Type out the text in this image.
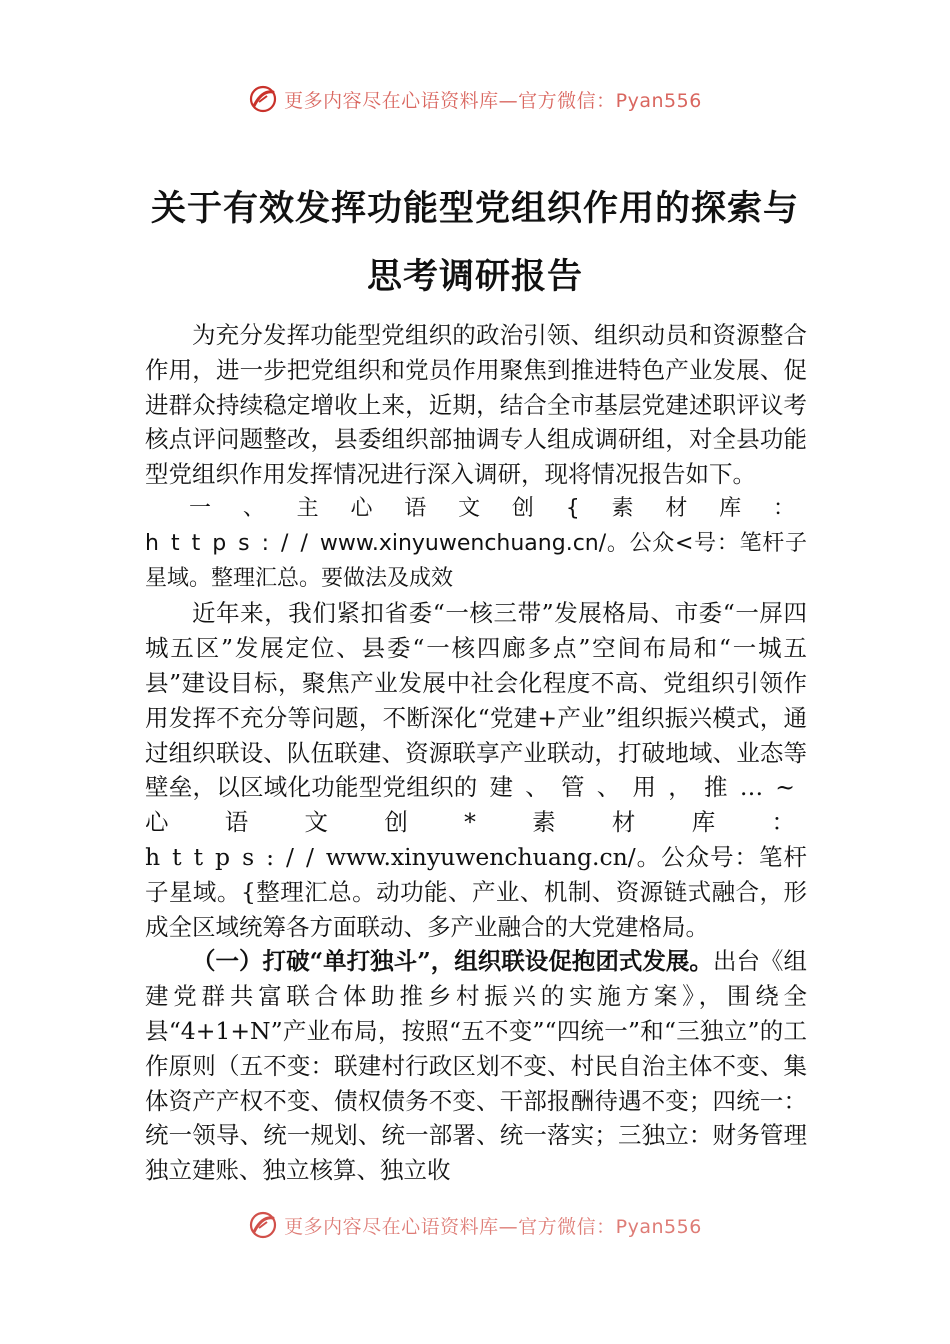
更多内容尽在心语资料库—官方微信：Pyan556
关于有效发挥功能型党组织作用的探索与
思考调研报告

为充分发挥功能型党组织的政治引领、组织动员和资源整合作用，进一步把党组织和党员作用聚焦到推进特色产业发展、促进群众持续稳定增收上来，近期，结合全市基层党建述职评议考核点评问题整改，县委组织部抽调专人组成调研组，对全县功能型党组织作用发挥情况进行深入调研，现将情况报告如下。

一、主心语文创{素材库：https://www.xinyuwenchuang.cn/。公众<号：笔杆子星域。整理汇总。要做法及成效

近年来，我们紧扣省委“一核三带”发展格局、市委“一屏四城五区”发展定位、县委“一核四廊多点”空间布局和“一城五县”建设目标，聚焦产业发展中社会化程度不高、党组织引领作用发挥不充分等问题，不断深化“党建+产业”组织振兴模式，通过组织联设、队伍联建、资源联享产业联动，打破地域、业态等壁垒，以区域化功能型党组织的建、管、用，推…~心语文创*素材库：https://www.xinyuwenchuang.cn/。公众号：笔杆子星域。{整理汇总。动功能、产业、机制、资源链式融合，形成全区域统筹各方面联动、多产业融合的大党建格局。

（一）打破“单打独斗”，组织联设促抱团式发展。出台《组建党群共富联合体助推乡村振兴的实施方案》，围绕全县“4+1+N”产业布局，按照“五不变”“四统一”和“三独立”的工作原则（五不变：联建村行政区划不变、村民自治主体不变、集体资产产权不变、债权债务不变、干部报酬待遇不变；四统一：统一领导、统一规划、统一部署、统一落实；三独立：财务管理独立建账、独立核算、独立收

更多内容尽在心语资料库—官方微信：Pyan556
